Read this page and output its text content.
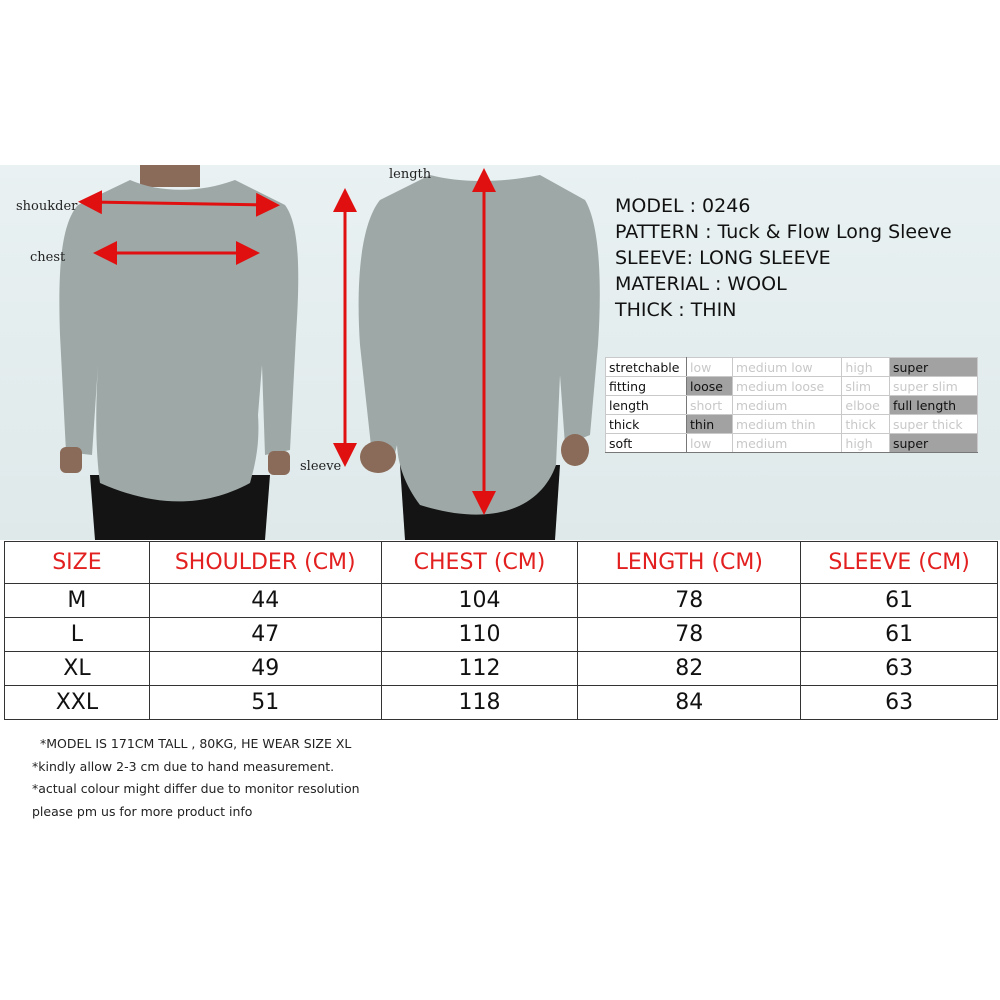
shoukder
chest
length
sleeve
MODEL : 0246
PATTERN : Tuck & Flow Long Sleeve
SLEEVE: LONG SLEEVE
MATERIAL : WOOL
THICK : THIN
stretchable	low	medium low	high	super
fitting	loose	medium loose	slim	super slim
length	short	medium	elboe	full length
thick	thin	medium thin	thick	super thick
soft	low	medium	high	super
SIZE	SHOULDER (CM)	CHEST (CM)	LENGTH (CM)	SLEEVE (CM)
M	44	104	78	61
L	47	110	78	61
XL	49	112	82	63
XXL	51	118	84	63
*MODEL IS 171CM TALL , 80KG, HE WEAR SIZE XL
*kindly allow 2-3 cm due to hand measurement.
*actual colour might differ due to monitor resolution
please pm us for more product info
